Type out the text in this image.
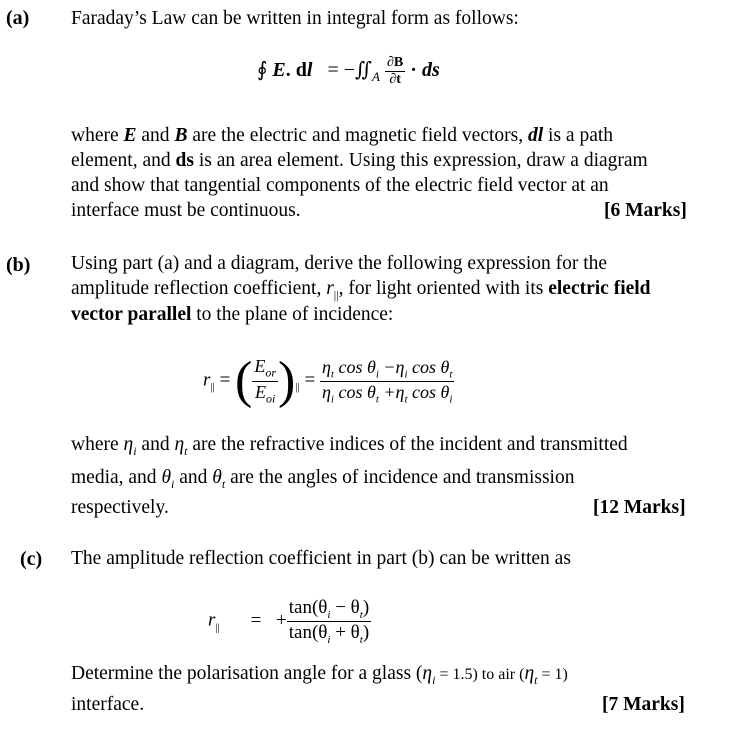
(a) Faraday’s Law can be written in integral form as follows:
∮ E. dl = $-∬_A \frac{\partial B}{\partial t}$ · ds
where E and B are the electric and magnetic field vectors, dl is a path
element, and ds is an area element. Using this expression, draw a diagram
and show that tangential components of the electric field vector at an
interface must be continuous.	[6 Marks]
(b) Using part (a) and a diagram, derive the following expression for the
amplitude reflection coefficient, $r_{||}$, for light oriented with its electric field
vector parallel to the plane of incidence:
$r_{||}$ = ( $\frac{E_{or}}{E_{oi}} )_{||} = \frac{\eta_t \cos \theta_i -\eta_i \cos \theta_t}{\eta_i \cos \theta_t +\eta_t \cos \theta_i}$
where $\eta_i$ and $\eta_t$ are the refractive indices of the incident and transmitted
media, and $\theta_i$ and $\theta_t$ are the angles of incidence and transmission
respectively.	[12 Marks]
(c) The amplitude reflection coefficient in part (b) can be written as
$r_{||}$ = + $\frac{\tan(\theta_i - \theta_t)}{\tan(\theta_i + \theta_t)}$
Determine the polarisation angle for a glass $(\eta_i = 1.5)$ to air $(\eta_t = 1)$
interface.	[7 Marks]
